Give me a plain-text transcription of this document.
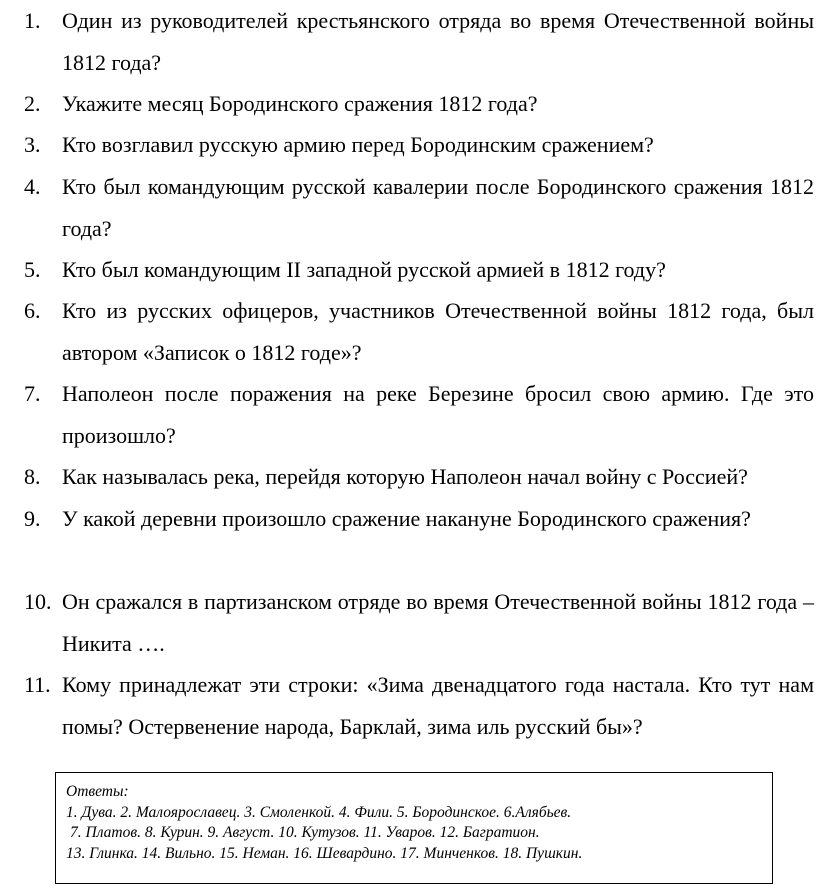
1. Один из руководителей крестьянского отряда во время Отечественной войны 1812 года?
2. Укажите месяц Бородинского сражения 1812 года?
3. Кто возглавил русскую армию перед Бородинским сражением?
4. Кто был командующим русской кавалерии после Бородинского сражения 1812 года?
5. Кто был командующим II западной русской армией в 1812 году?
6. Кто из русских офицеров, участников Отечественной войны 1812 года, был автором «Записок о 1812 годе»?
7. Наполеон после поражения на реке Березине бросил свою армию. Где это произошло?
8. Как называлась река, перейдя которую Наполеон начал войну с Россией?
9. У какой деревни произошло сражение накануне Бородинского сражения?
10. Он сражался в партизанском отряде во время Отечественной войны 1812 года – Никита ….
11. Кому принадлежат эти строки: «Зима двенадцатого года настала. Кто тут нам помы? Остервенение народа, Барклай, зима иль русский бы»?
Ответы:
1. Дува. 2. Малоярославец. 3. Смоленкой. 4. Фили. 5. Бородинское. 6.Алябьев.
7. Платов. 8. Курин. 9. Август. 10. Кутузов. 11. Уваров. 12. Багратион.
13. Глинка. 14. Вильно. 15. Неман. 16. Шевардино. 17. Минченков. 18. Пушкин.
